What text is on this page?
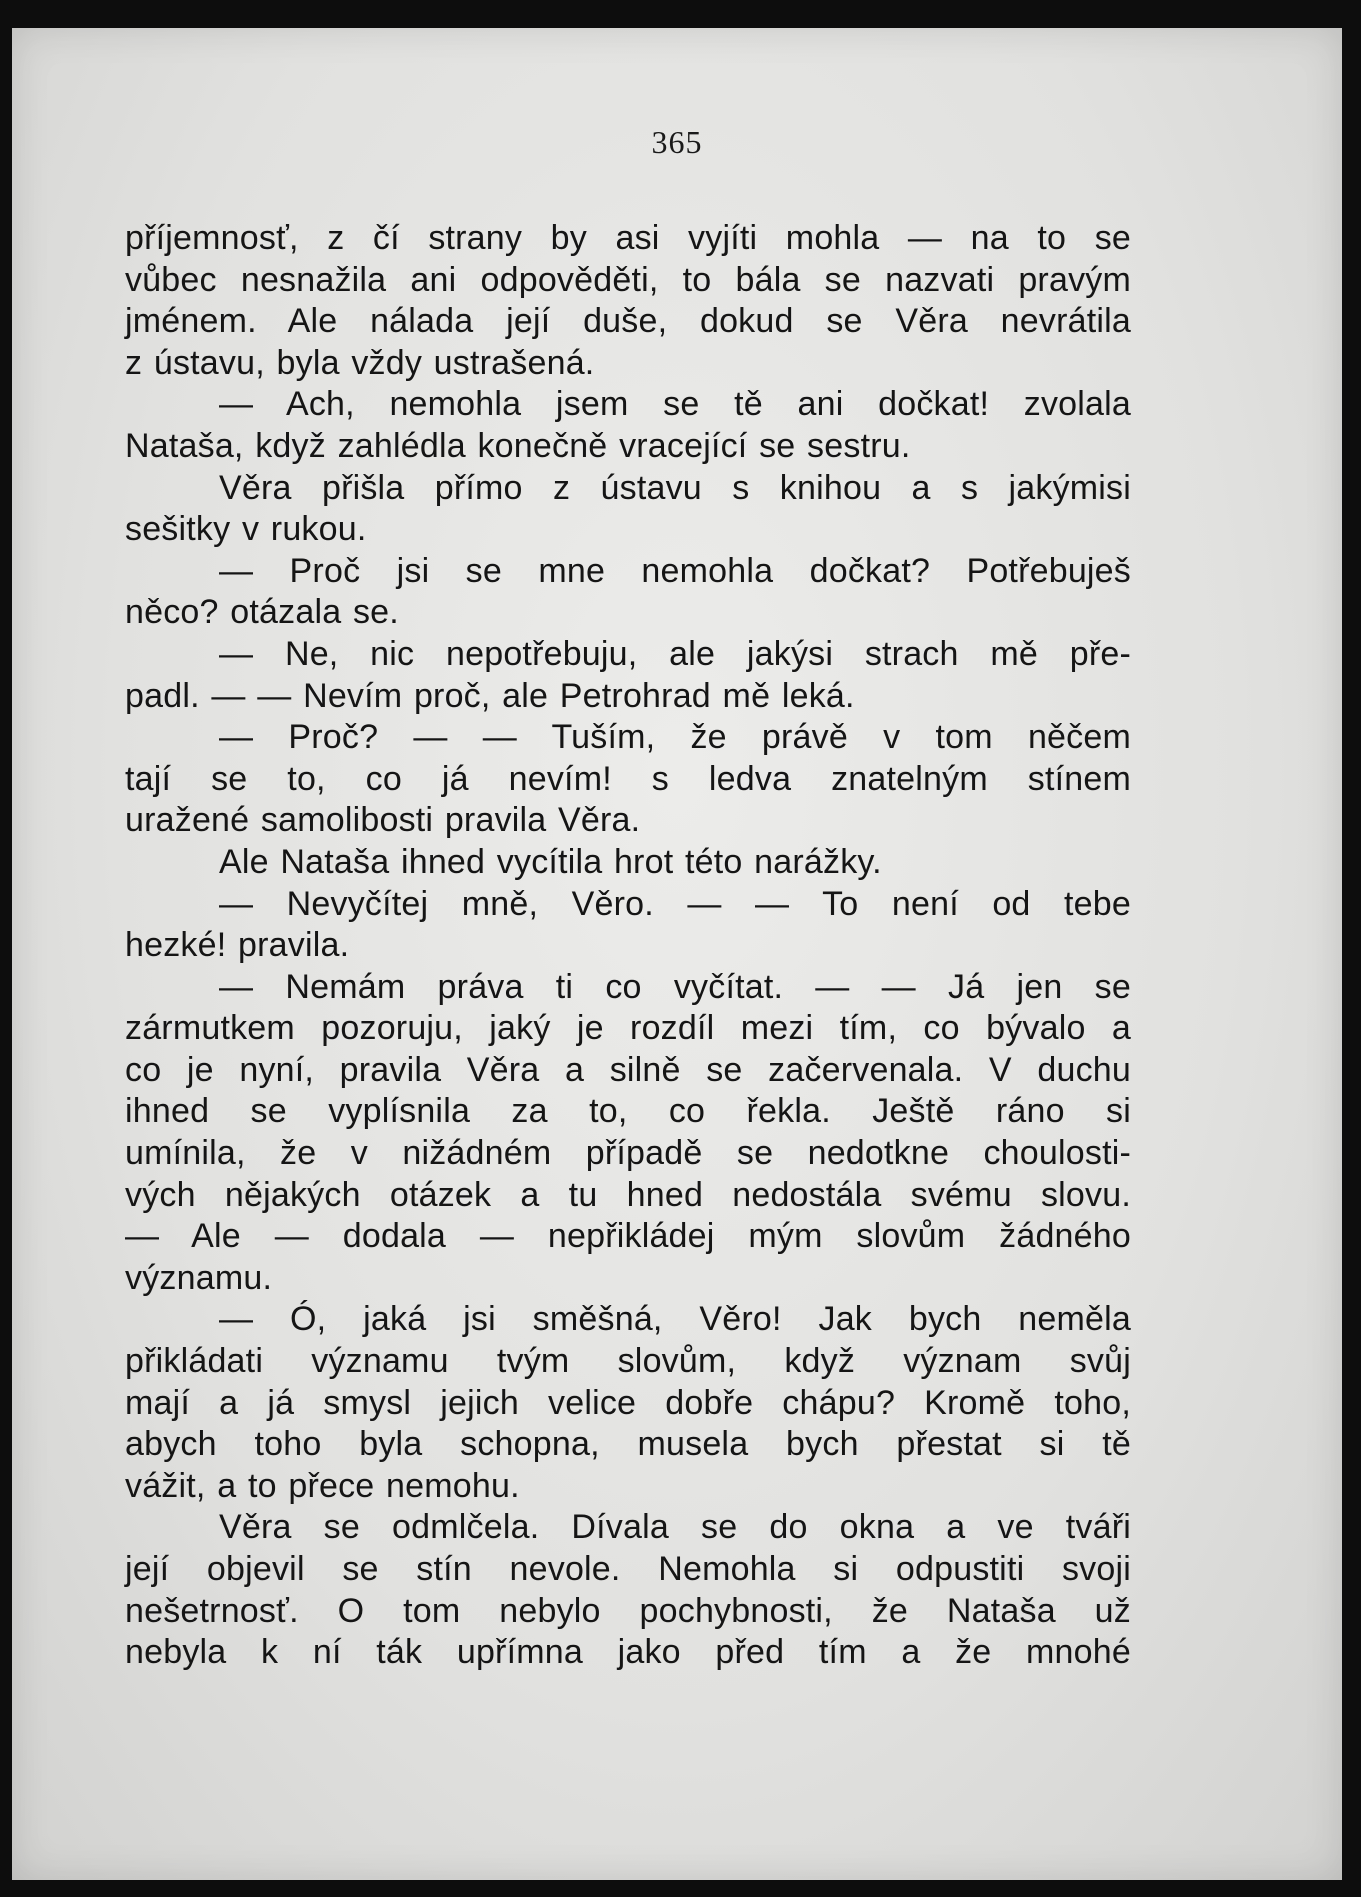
365
příjemnosť, z čí strany by asi vyjíti mohla — na to se
vůbec nesnažila ani odpověděti, to bála se nazvati pravým
jménem. Ale nálada její duše, dokud se Věra nevrátila
z ústavu, byla vždy ustrašená.
— Ach, nemohla jsem se tě ani dočkat! zvolala
Nataša, když zahlédla konečně vracející se sestru.
Věra přišla přímo z ústavu s knihou a s jakýmisi
sešitky v rukou.
— Proč jsi se mne nemohla dočkat? Potřebuješ
něco? otázala se.
— Ne, nic nepotřebuju, ale jakýsi strach mě pře-
padl. — — Nevím proč, ale Petrohrad mě leká.
— Proč? — — Tuším, že právě v tom něčem
tají se to, co já nevím! s ledva znatelným stínem
uražené samolibosti pravila Věra.
Ale Nataša ihned vycítila hrot této narážky.
— Nevyčítej mně, Věro. — — To není od tebe
hezké! pravila.
— Nemám práva ti co vyčítat. — — Já jen se
zármutkem pozoruju, jaký je rozdíl mezi tím, co bývalo a
co je nyní, pravila Věra a silně se začervenala. V duchu
ihned se vyplísnila za to, co řekla. Ještě ráno si
umínila, že v nižádném případě se nedotkne choulosti-
vých nějakých otázek a tu hned nedostála svému slovu.
— Ale — dodala — nepřikládej mým slovům žádného
významu.
— Ó, jaká jsi směšná, Věro! Jak bych neměla
přikládati významu tvým slovům, když význam svůj
mají a já smysl jejich velice dobře chápu? Kromě toho,
abych toho byla schopna, musela bych přestat si tě
vážit, a to přece nemohu.
Věra se odmlčela. Dívala se do okna a ve tváři
její objevil se stín nevole. Nemohla si odpustiti svoji
nešetrnosť. O tom nebylo pochybnosti, že Nataša už
nebyla k ní ták upřímna jako před tím a že mnohé
